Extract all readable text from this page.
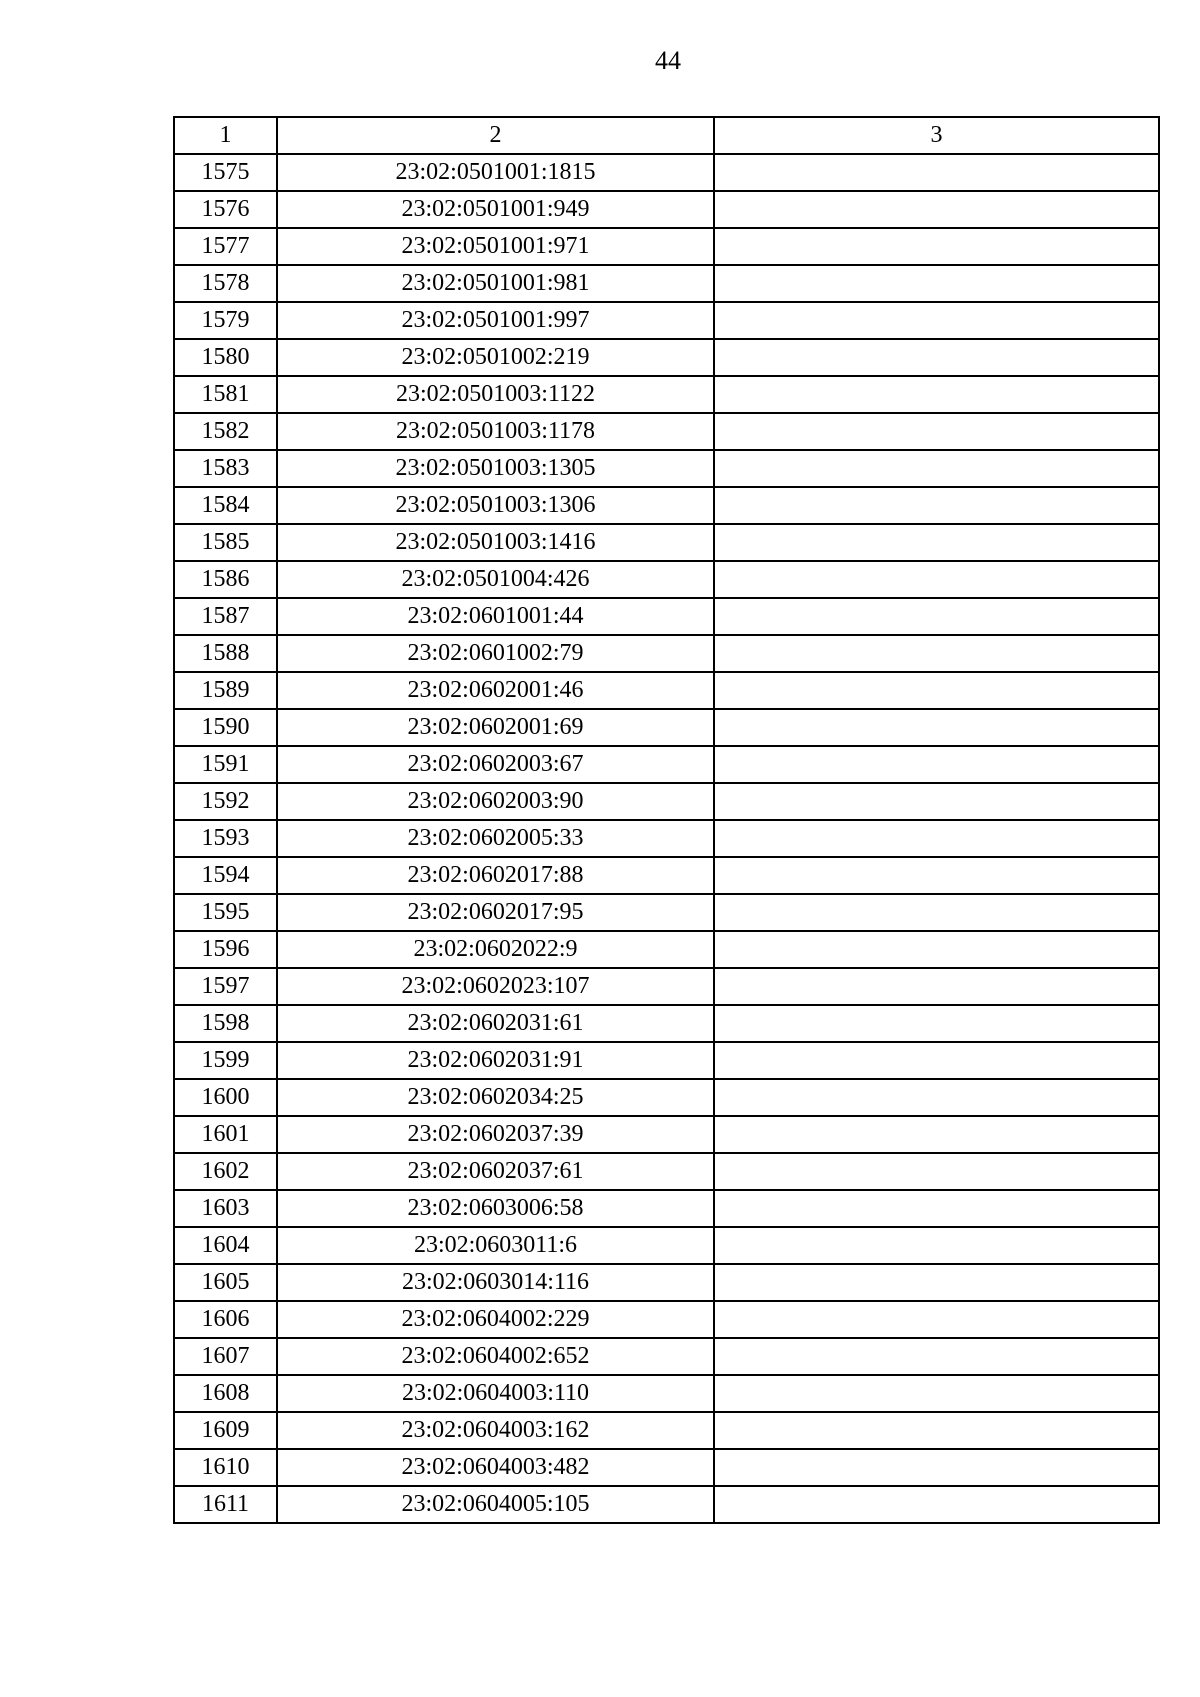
44
1	2	3
1575	23:02:0501001:1815	
1576	23:02:0501001:949	
1577	23:02:0501001:971	
1578	23:02:0501001:981	
1579	23:02:0501001:997	
1580	23:02:0501002:219	
1581	23:02:0501003:1122	
1582	23:02:0501003:1178	
1583	23:02:0501003:1305	
1584	23:02:0501003:1306	
1585	23:02:0501003:1416	
1586	23:02:0501004:426	
1587	23:02:0601001:44	
1588	23:02:0601002:79	
1589	23:02:0602001:46	
1590	23:02:0602001:69	
1591	23:02:0602003:67	
1592	23:02:0602003:90	
1593	23:02:0602005:33	
1594	23:02:0602017:88	
1595	23:02:0602017:95	
1596	23:02:0602022:9	
1597	23:02:0602023:107	
1598	23:02:0602031:61	
1599	23:02:0602031:91	
1600	23:02:0602034:25	
1601	23:02:0602037:39	
1602	23:02:0602037:61	
1603	23:02:0603006:58	
1604	23:02:0603011:6	
1605	23:02:0603014:116	
1606	23:02:0604002:229	
1607	23:02:0604002:652	
1608	23:02:0604003:110	
1609	23:02:0604003:162	
1610	23:02:0604003:482	
1611	23:02:0604005:105	
